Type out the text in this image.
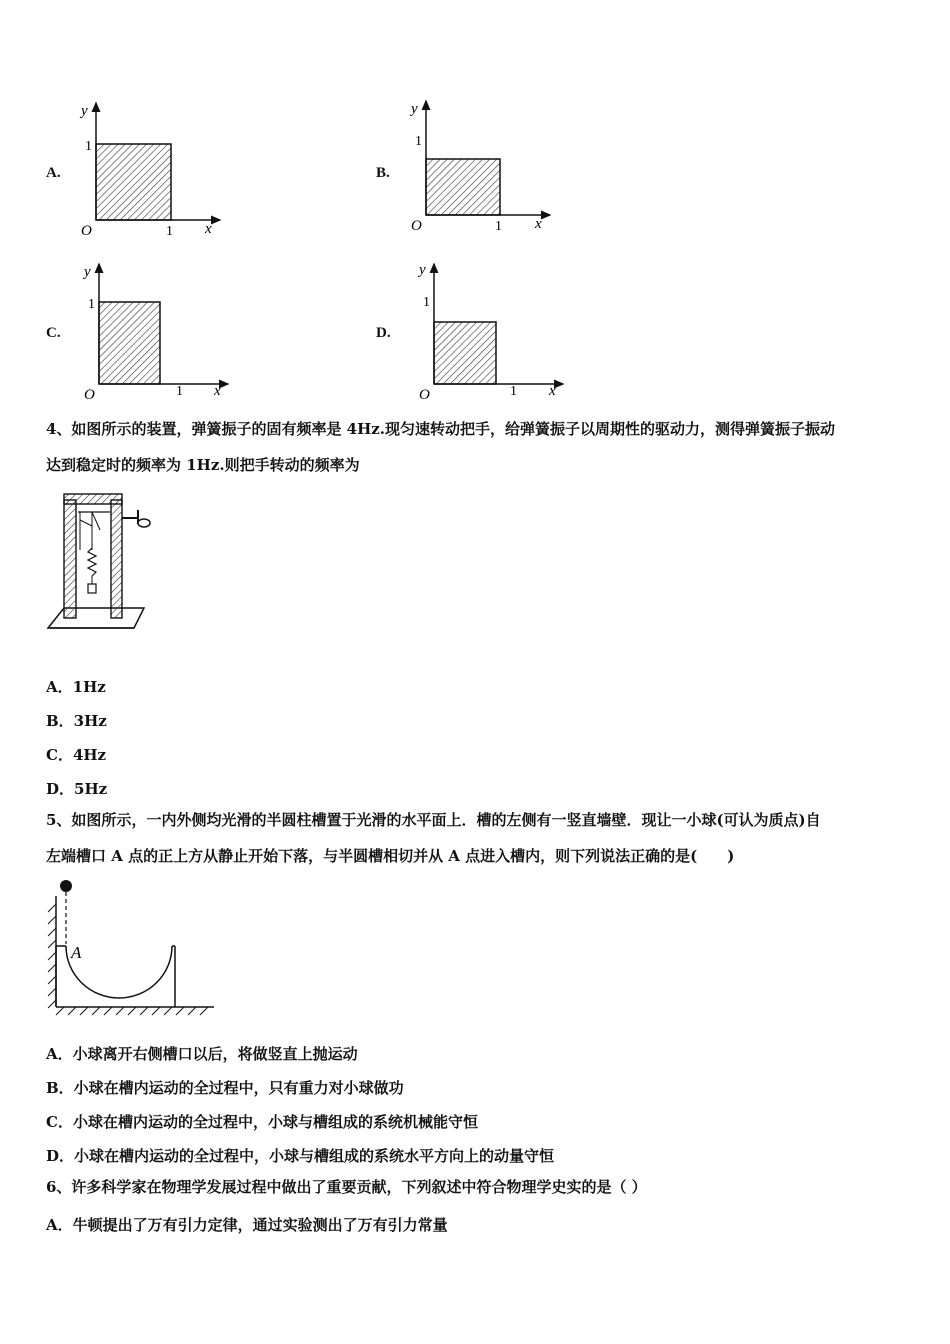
A.
y
1
O	1 x
B.
y
1
O	1 x
C.
y
1
O	1 x
D.
y
1
O	1 x
4、如图所示的装置，弹簧振子的固有频率是 4Hz.现匀速转动把手，给弹簧振子以周期性的驱动力，测得弹簧振子振动
达到稳定时的频率为 1Hz.则把手转动的频率为
A．1Hz
B．3Hz
C．4Hz
D．5Hz
5、如图所示，一内外侧均光滑的半圆柱槽置于光滑的水平面上．槽的左侧有一竖直墙壁．现让一小球(可认为质点)自
左端槽口 A 点的正上方从静止开始下落，与半圆槽相切并从 A 点进入槽内，则下列说法正确的是(　　)
A
A．小球离开右侧槽口以后，将做竖直上抛运动
B．小球在槽内运动的全过程中，只有重力对小球做功
C．小球在槽内运动的全过程中，小球与槽组成的系统机械能守恒
D．小球在槽内运动的全过程中，小球与槽组成的系统水平方向上的动量守恒
6、许多科学家在物理学发展过程中做出了重要贡献，下列叙述中符合物理学史实的是（ ）
A．牛顿提出了万有引力定律，通过实验测出了万有引力常量
